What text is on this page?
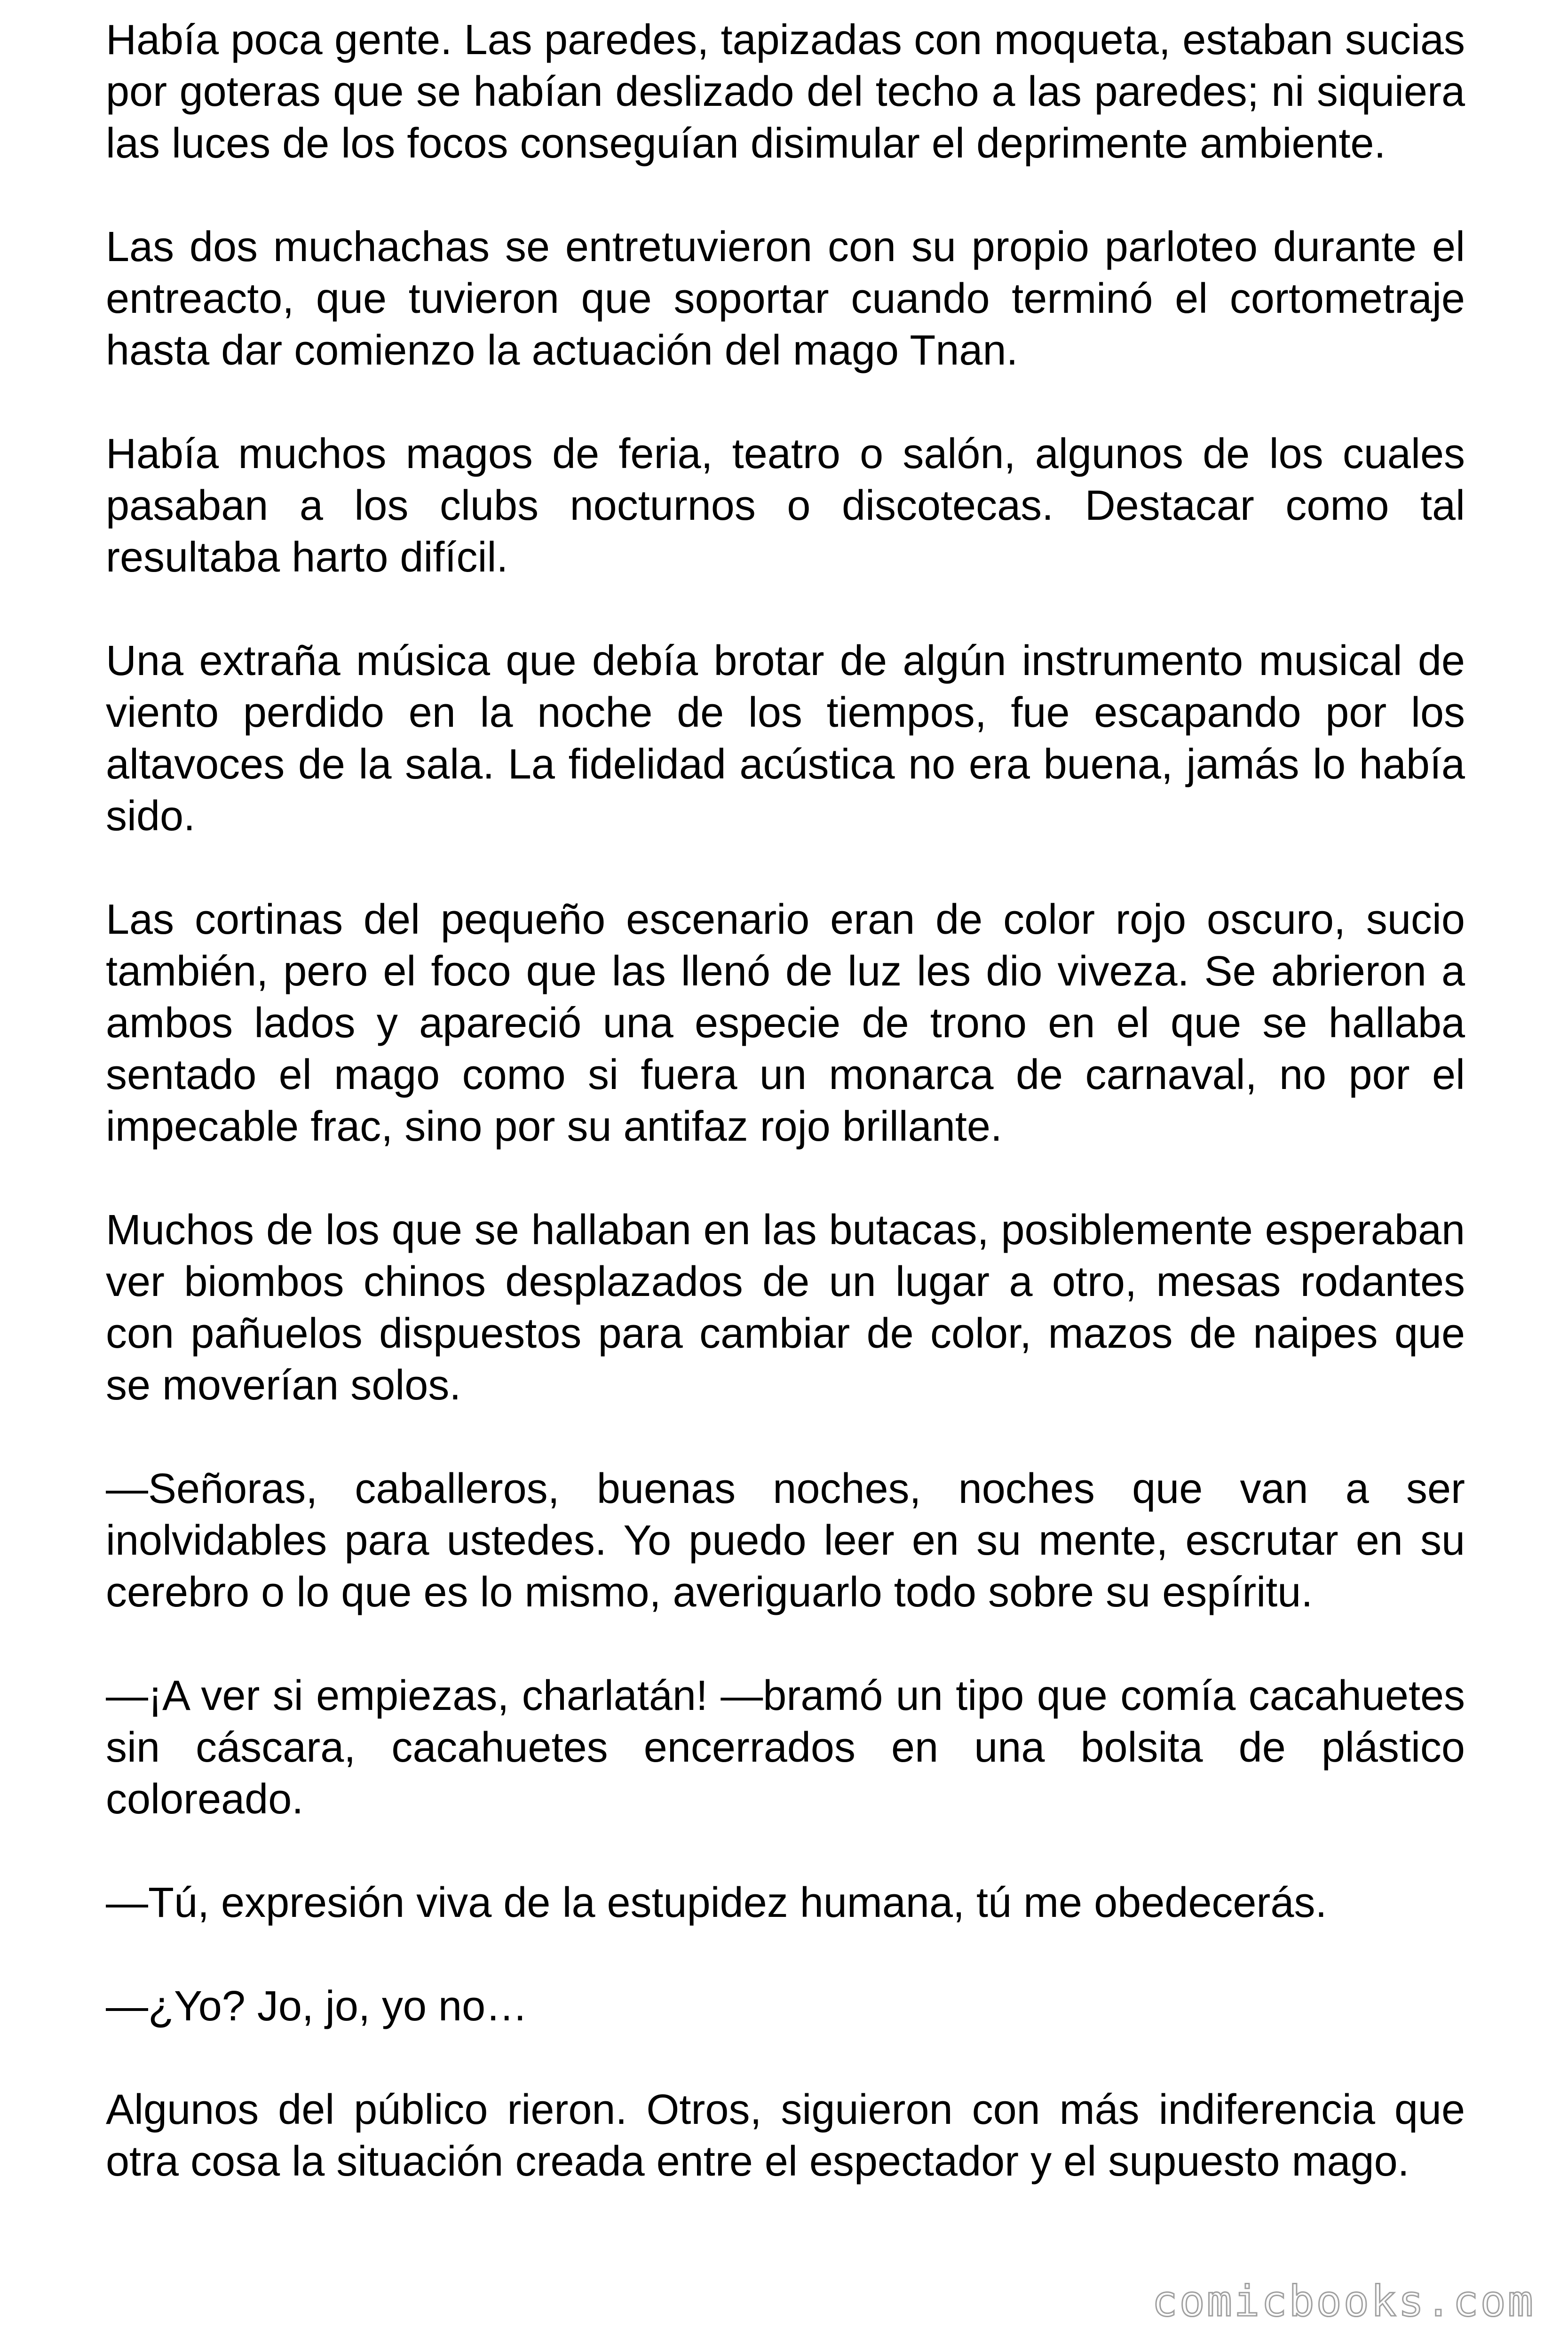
Había poca gente. Las paredes, tapizadas con moqueta, estaban sucias por goteras que se habían deslizado del techo a las paredes; ni siquiera las luces de los focos conseguían disimular el deprimente ambiente.

Las dos muchachas se entretuvieron con su propio parloteo durante el entreacto, que tuvieron que soportar cuando terminó el cortometraje hasta dar comienzo la actuación del mago Tnan.

Había muchos magos de feria, teatro o salón, algunos de los cuales pasaban a los clubs nocturnos o discotecas. Destacar como tal resultaba harto difícil.

Una extraña música que debía brotar de algún instrumento musical de viento perdido en la noche de los tiempos, fue escapando por los altavoces de la sala. La fidelidad acústica no era buena, jamás lo había sido.

Las cortinas del pequeño escenario eran de color rojo oscuro, sucio también, pero el foco que las llenó de luz les dio viveza. Se abrieron a ambos lados y apareció una especie de trono en el que se hallaba sentado el mago como si fuera un monarca de carnaval, no por el impecable frac, sino por su antifaz rojo brillante.

Muchos de los que se hallaban en las butacas, posiblemente esperaban ver biombos chinos desplazados de un lugar a otro, mesas rodantes con pañuelos dispuestos para cambiar de color, mazos de naipes que se moverían solos.

—Señoras, caballeros, buenas noches, noches que van a ser inolvidables para ustedes. Yo puedo leer en su mente, escrutar en su cerebro o lo que es lo mismo, averiguarlo todo sobre su espíritu.

—¡A ver si empiezas, charlatán! —bramó un tipo que comía cacahuetes sin cáscara, cacahuetes encerrados en una bolsita de plástico coloreado.

—Tú, expresión viva de la estupidez humana, tú me obedecerás.

—¿Yo? Jo, jo, yo no…

Algunos del público rieron. Otros, siguieron con más indiferencia que otra cosa la situación creada entre el espectador y el supuesto mago.

comicbooks.com
